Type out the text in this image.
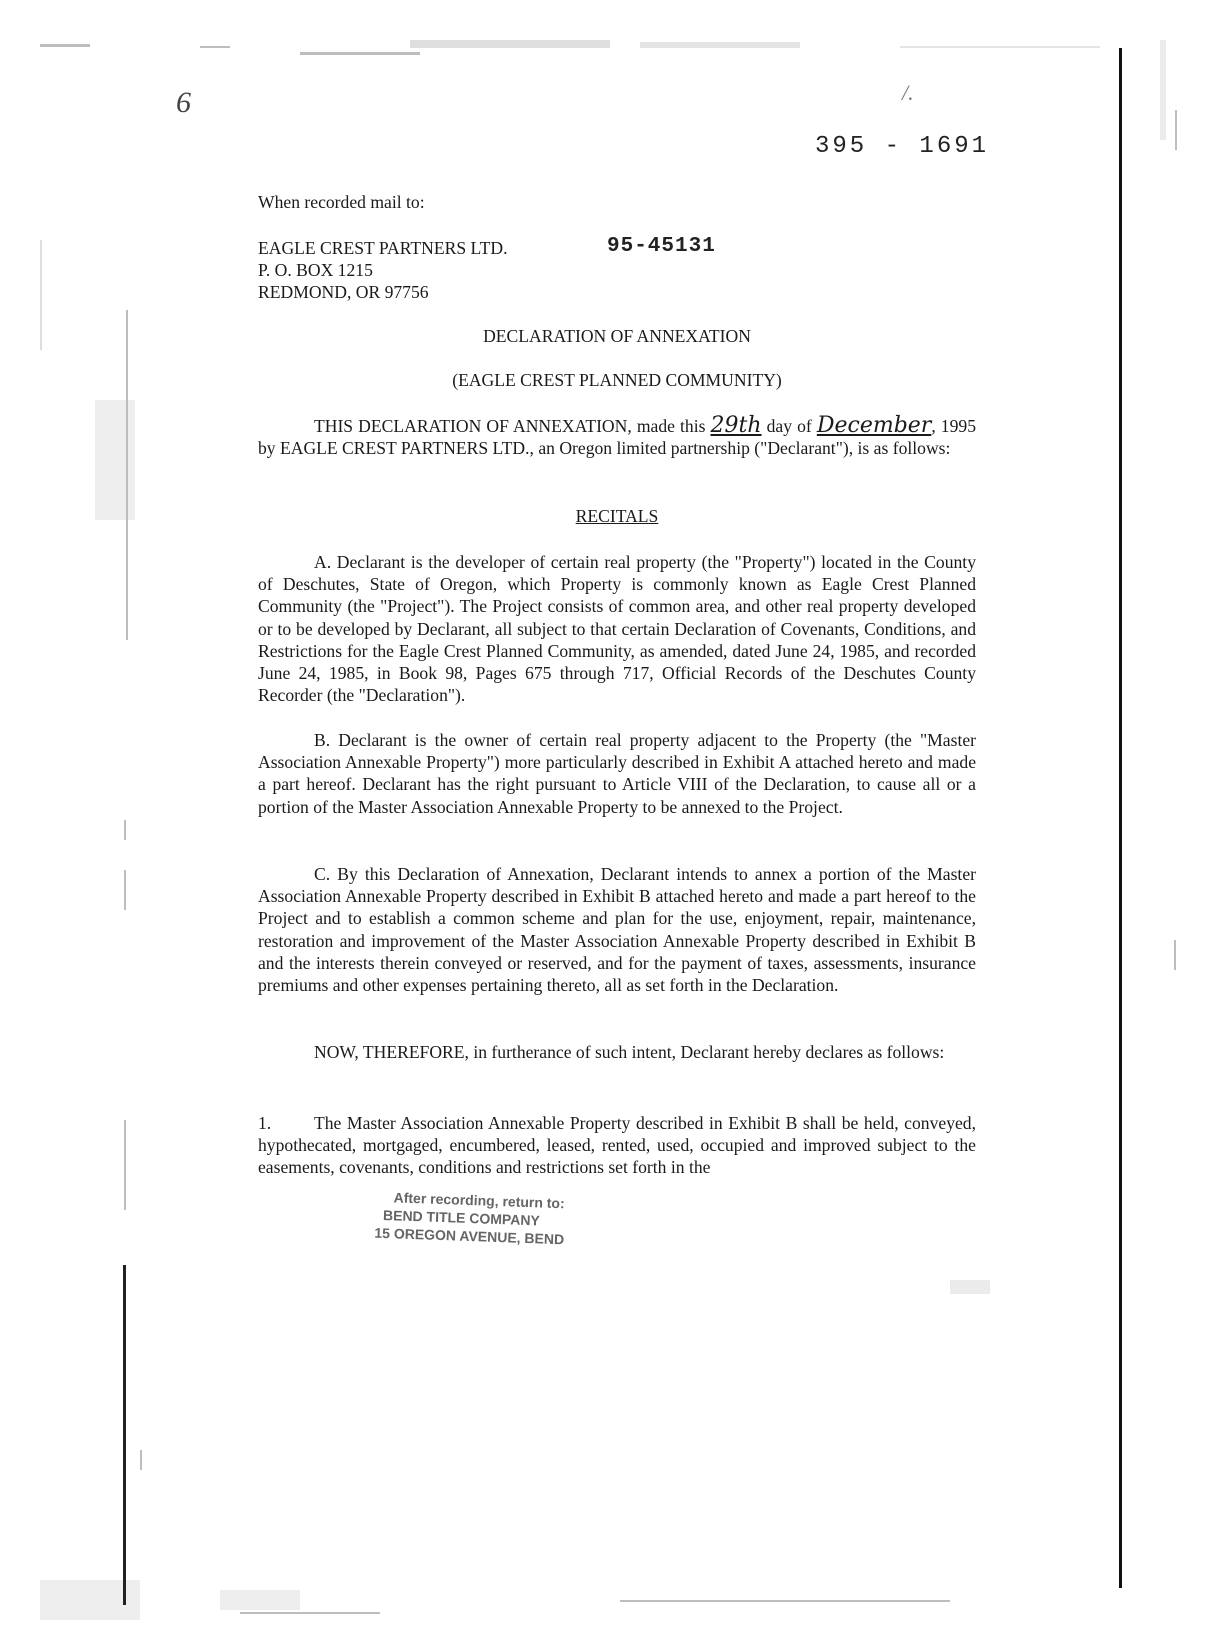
6	/.
395 - 1691
When recorded mail to:
EAGLE CREST PARTNERS LTD.
P. O. BOX 1215
REDMOND, OR 97756
95-45131
DECLARATION OF ANNEXATION
(EAGLE CREST PLANNED COMMUNITY)
THIS DECLARATION OF ANNEXATION, made this 29th day of December, 1995 by EAGLE CREST PARTNERS LTD., an Oregon limited partnership ("Declarant"), is as follows:
RECITALS
A. Declarant is the developer of certain real property (the "Property") located in the County of Deschutes, State of Oregon, which Property is commonly known as Eagle Crest Planned Community (the "Project"). The Project consists of common area, and other real property developed or to be developed by Declarant, all subject to that certain Declaration of Covenants, Conditions, and Restrictions for the Eagle Crest Planned Community, as amended, dated June 24, 1985, and recorded June 24, 1985, in Book 98, Pages 675 through 717, Official Records of the Deschutes County Recorder (the "Declaration").
B. Declarant is the owner of certain real property adjacent to the Property (the "Master Association Annexable Property") more particularly described in Exhibit A attached hereto and made a part hereof. Declarant has the right pursuant to Article VIII of the Declaration, to cause all or a portion of the Master Association Annexable Property to be annexed to the Project.
C. By this Declaration of Annexation, Declarant intends to annex a portion of the Master Association Annexable Property described in Exhibit B attached hereto and made a part hereof to the Project and to establish a common scheme and plan for the use, enjoyment, repair, maintenance, restoration and improvement of the Master Association Annexable Property described in Exhibit B and the interests therein conveyed or reserved, and for the payment of taxes, assessments, insurance premiums and other expenses pertaining thereto, all as set forth in the Declaration.
NOW, THEREFORE, in furtherance of such intent, Declarant hereby declares as follows:
1. The Master Association Annexable Property described in Exhibit B shall be held, conveyed, hypothecated, mortgaged, encumbered, leased, rented, used, occupied and improved subject to the easements, covenants, conditions and restrictions set forth in the
After recording, return to:
BEND TITLE COMPANY
15 OREGON AVENUE, BEND
